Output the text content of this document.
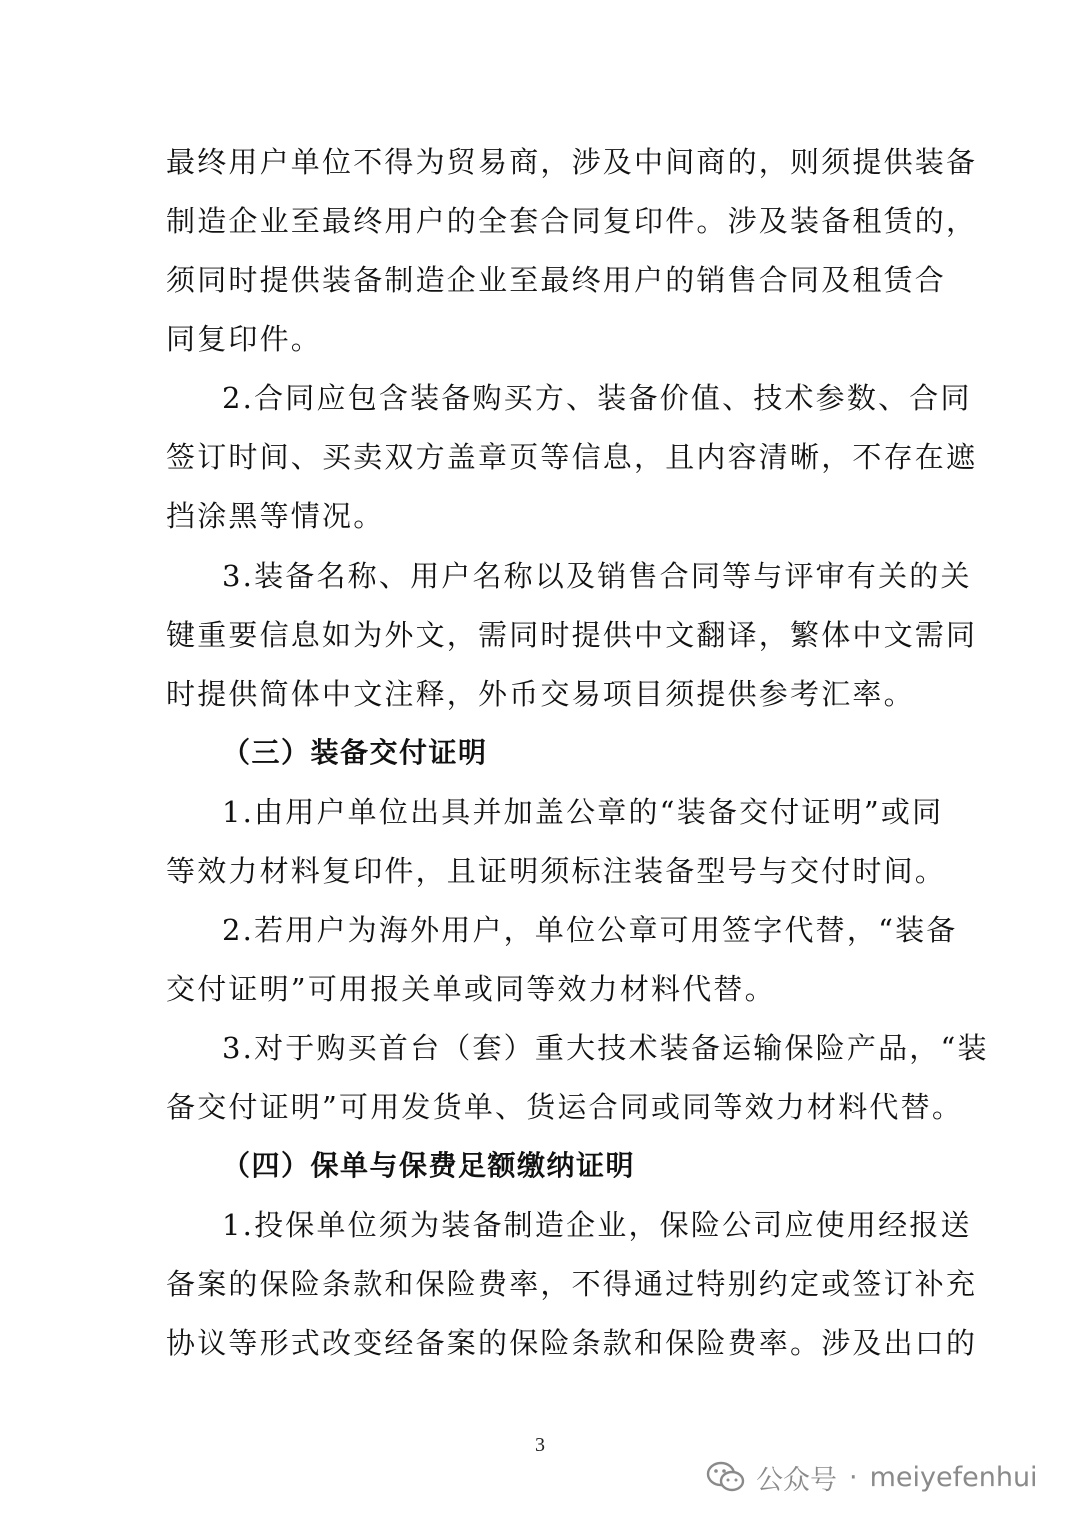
最终用户单位不得为贸易商，涉及中间商的，则须提供装备
制造企业至最终用户的全套合同复印件。涉及装备租赁的，
须同时提供装备制造企业至最终用户的销售合同及租赁合
同复印件。
2.合同应包含装备购买方、装备价值、技术参数、合同
签订时间、买卖双方盖章页等信息，且内容清晰，不存在遮
挡涂黑等情况。
3.装备名称、用户名称以及销售合同等与评审有关的关
键重要信息如为外文，需同时提供中文翻译，繁体中文需同
时提供简体中文注释，外币交易项目须提供参考汇率。
（三）装备交付证明
1.由用户单位出具并加盖公章的“装备交付证明”或同
等效力材料复印件，且证明须标注装备型号与交付时间。
2.若用户为海外用户，单位公章可用签字代替，“装备
交付证明”可用报关单或同等效力材料代替。
3.对于购买首台（套）重大技术装备运输保险产品，“装
备交付证明”可用发货单、货运合同或同等效力材料代替。
（四）保单与保费足额缴纳证明
1.投保单位须为装备制造企业，保险公司应使用经报送
备案的保险条款和保险费率，不得通过特别约定或签订补充
协议等形式改变经备案的保险条款和保险费率。涉及出口的
3
公众号 · meiyefenhui
